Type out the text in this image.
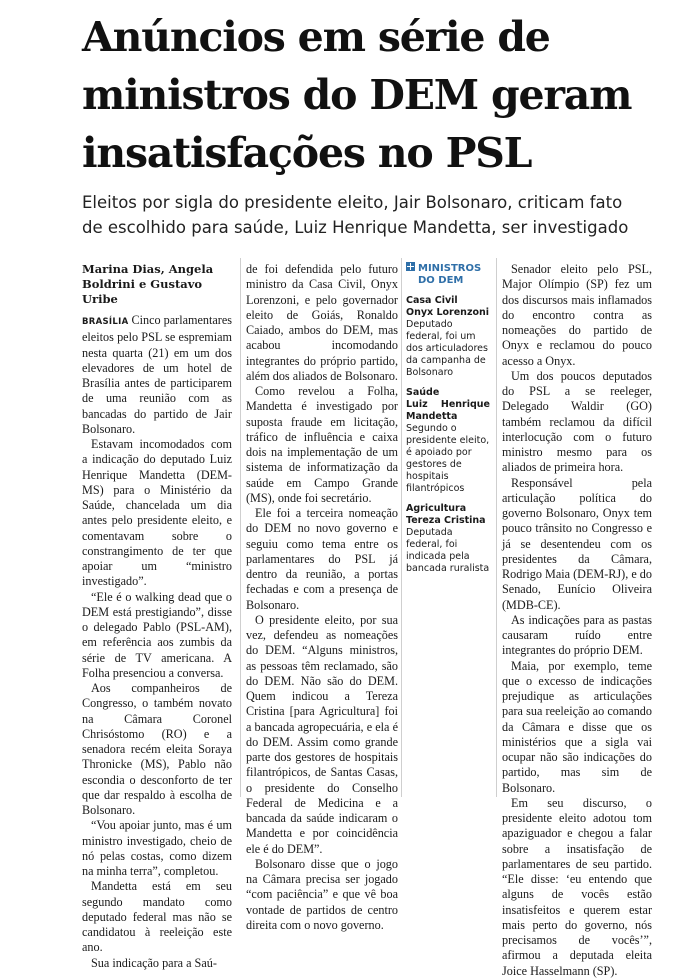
Anúncios em série de
ministros do DEM geram
insatisfações no PSL
Eleitos por sigla do presidente eleito, Jair Bolsonaro, criticam fato
de escolhido para saúde, Luiz Henrique Mandetta, ser investigado
Marina Dias, Angela Boldrini e Gustavo Uribe

BRASÍLIA Cinco parlamentares eleitos pelo PSL se espremiam nesta quarta (21) em um dos elevadores de um hotel de Brasília antes de participarem de uma reunião com as bancadas do partido de Jair Bolsonaro.

Estavam incomodados com a indicação do deputado Luiz Henrique Mandetta (DEM-MS) para o Ministério da Saúde, chancelada um dia antes pelo presidente eleito, e comentavam sobre o constrangimento de ter que apoiar um “ministro investigado”.

“Ele é o walking dead que o DEM está prestigiando”, disse o delegado Pablo (PSL-AM), em referência aos zumbis da série de TV americana. A Folha presenciou a conversa.

Aos companheiros de Congresso, o também novato na Câmara Coronel Chrisóstomo (RO) e a senadora recém eleita Soraya Thronicke (MS), Pablo não escondia o desconforto de ter que dar respaldo à escolha de Bolsonaro.

“Vou apoiar junto, mas é um ministro investigado, cheio de nó pelas costas, como dizem na minha terra”, completou.

Mandetta está em seu segundo mandato como deputado federal mas não se candidatou à reeleição este ano.

Sua indicação para a Saú-

de foi defendida pelo futuro ministro da Casa Civil, Onyx Lorenzoni, e pelo governador eleito de Goiás, Ronaldo Caiado, ambos do DEM, mas acabou incomodando integrantes do próprio partido, além dos aliados de Bolsonaro.

Como revelou a Folha, Mandetta é investigado por suposta fraude em licitação, tráfico de influência e caixa dois na implementação de um sistema de informatização da saúde em Campo Grande (MS), onde foi secretário.

Ele foi a terceira nomeação do DEM no novo governo e seguiu como tema entre os parlamentares do PSL já dentro da reunião, a portas fechadas e com a presença de Bolsonaro.

O presidente eleito, por sua vez, defendeu as nomeações do DEM. “Alguns ministros, as pessoas têm reclamado, são do DEM. Não são do DEM. Quem indicou a Tereza Cristina [para Agricultura] foi a bancada agropecuária, e ela é do DEM. Assim como grande parte dos gestores de hospitais filantrópicos, de Santas Casas, o presidente do Conselho Federal de Medicina e a bancada da saúde indicaram o Mandetta e por coincidência ele é do DEM”.

Bolsonaro disse que o jogo na Câmara precisa ser jogado “com paciência” e que vê boa vontade de partidos de centro direita com o novo governo.

MINISTROS
DO DEM
Casa Civil
Onyx Lorenzoni
Deputado federal, foi um dos articuladores da campanha de Bolsonaro
Saúde
Luiz Henrique Mandetta
Segundo o presidente eleito, é apoiado por gestores de hospitais filantrópicos
Agricultura
Tereza Cristina
Deputada federal, foi indicada pela bancada ruralista

Senador eleito pelo PSL, Major Olímpio (SP) fez um dos discursos mais inflamados do encontro contra as nomeações do partido de Onyx e reclamou do pouco acesso a Onyx.

Um dos poucos deputados do PSL a se reeleger, Delegado Waldir (GO) também reclamou da difícil interlocução com o futuro ministro mesmo para os aliados de primeira hora.

Responsável pela articulação política do governo Bolsonaro, Onyx tem pouco trânsito no Congresso e já se desentendeu com os presidentes da Câmara, Rodrigo Maia (DEM-RJ), e do Senado, Eunício Oliveira (MDB-CE).

As indicações para as pastas causaram ruído entre integrantes do próprio DEM.

Maia, por exemplo, teme que o excesso de indicações prejudique as articulações para sua reeleição ao comando da Câmara e disse que os ministérios que a sigla vai ocupar não são indicações do partido, mas sim de Bolsonaro.

Em seu discurso, o presidente eleito adotou tom apaziguador e chegou a falar sobre a insatisfação de parlamentares de seu partido. “Ele disse: ‘eu entendo que alguns de vocês estão insatisfeitos e querem estar mais perto do governo, nós precisamos de vocês’”, afirmou a deputada eleita Joice Hasselmann (SP).
